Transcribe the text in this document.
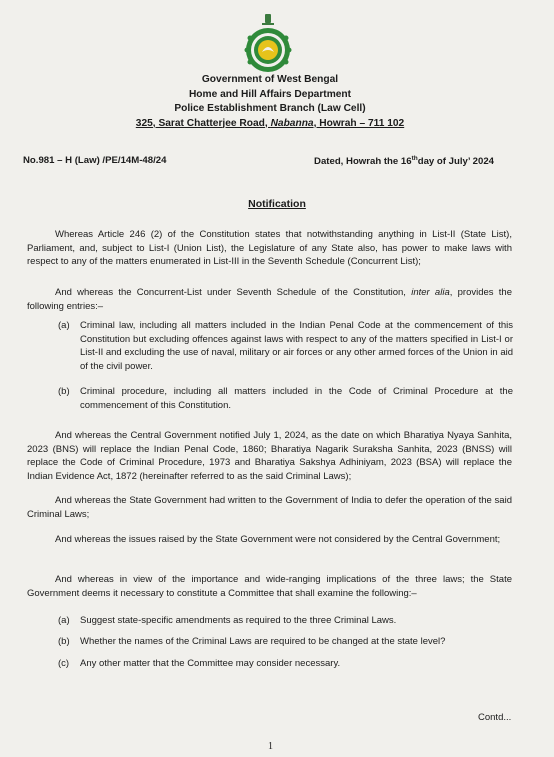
Government of West Bengal
Home and Hill Affairs Department
Police Establishment Branch (Law Cell)
325, Sarat Chatterjee Road, Nabanna, Howrah – 711 102
No.981 – H (Law) /PE/14M-48/24	Dated, Howrah the 16thday of July’ 2024
Notification
Whereas Article 246 (2) of the Constitution states that notwithstanding anything in List-II (State List), Parliament, and, subject to List-I (Union List), the Legislature of any State also, has power to make laws with respect to any of the matters enumerated in List-III in the Seventh Schedule (Concurrent List);
And whereas the Concurrent-List under Seventh Schedule of the Constitution, inter alia, provides the following entries:–
(a) Criminal law, including all matters included in the Indian Penal Code at the commencement of this Constitution but excluding offences against laws with respect to any of the matters specified in List-I or List-II and excluding the use of naval, military or air forces or any other armed forces of the Union in aid of the civil power.
(b) Criminal procedure, including all matters included in the Code of Criminal Procedure at the commencement of this Constitution.
And whereas the Central Government notified July 1, 2024, as the date on which Bharatiya Nyaya Sanhita, 2023 (BNS) will replace the Indian Penal Code, 1860; Bharatiya Nagarik Suraksha Sanhita, 2023 (BNSS) will replace the Code of Criminal Procedure, 1973 and Bharatiya Sakshya Adhiniyam, 2023 (BSA) will replace the Indian Evidence Act, 1872 (hereinafter referred to as the said Criminal Laws);
And whereas the State Government had written to the Government of India to defer the operation of the said Criminal Laws;
And whereas the issues raised by the State Government were not considered by the Central Government;
And whereas in view of the importance and wide-ranging implications of the three laws; the State Government deems it necessary to constitute a Committee that shall examine the following:–
(a) Suggest state-specific amendments as required to the three Criminal Laws.
(b) Whether the names of the Criminal Laws are required to be changed at the state level?
(c) Any other matter that the Committee may consider necessary.
Contd...
1
